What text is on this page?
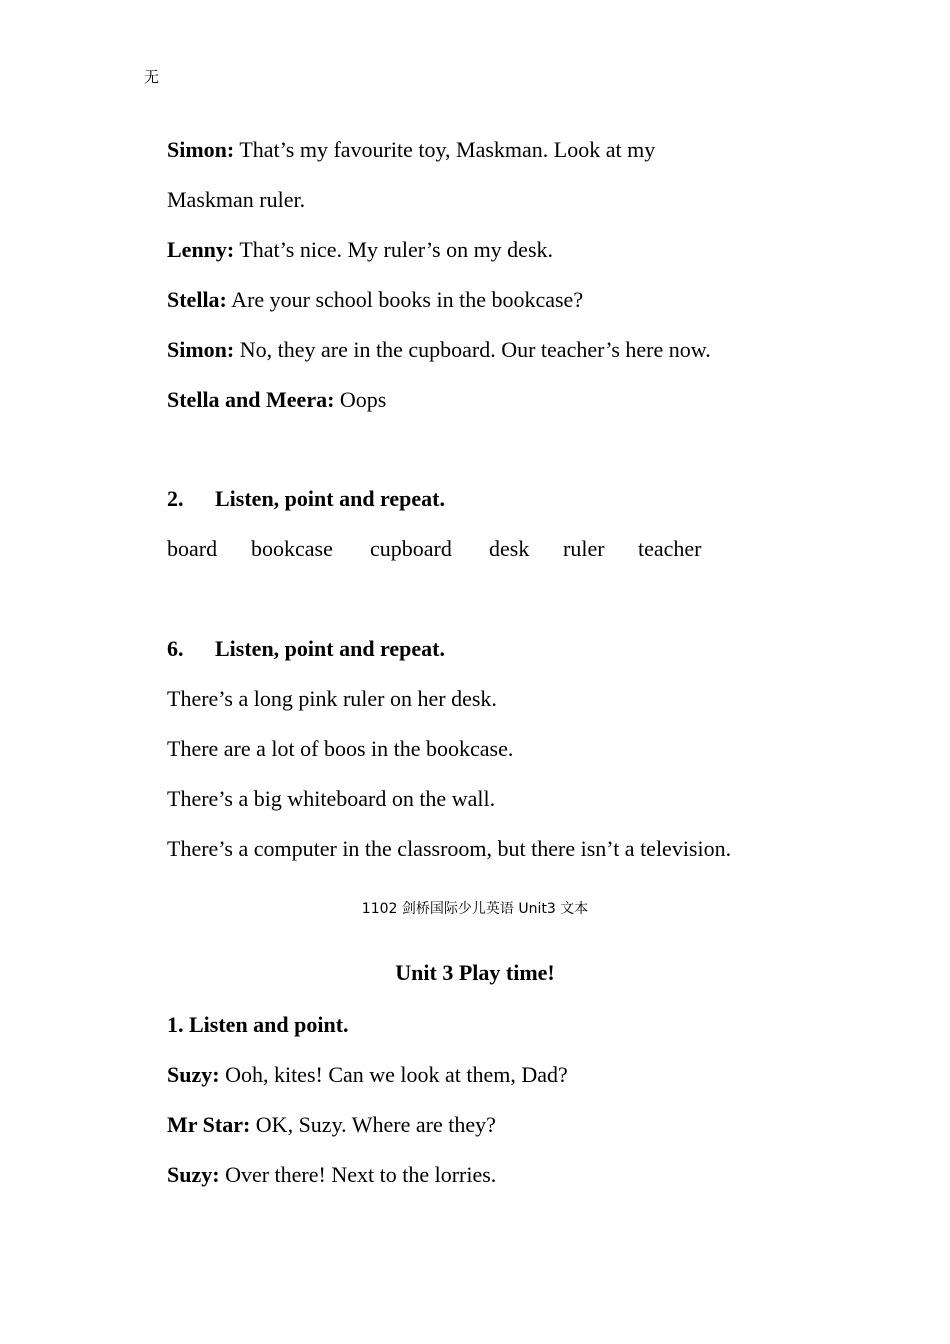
无
Simon: That’s my favourite toy, Maskman. Look at my
Maskman ruler.
Lenny: That’s nice. My ruler’s on my desk.
Stella: Are your school books in the bookcase?
Simon: No, they are in the cupboard. Our teacher’s here now.
Stella and Meera: Oops
2. Listen, point and repeat.
board bookcase cupboard desk ruler teacher
6. Listen, point and repeat.
There’s a long pink ruler on her desk.
There are a lot of boos in the bookcase.
There’s a big whiteboard on the wall.
There’s a computer in the classroom, but there isn’t a television.
1102 剑桥国际少儿英语 Unit3 文本
Unit 3 Play time!
1. Listen and point.
Suzy: Ooh, kites! Can we look at them, Dad?
Mr Star: OK, Suzy. Where are they?
Suzy: Over there! Next to the lorries.
